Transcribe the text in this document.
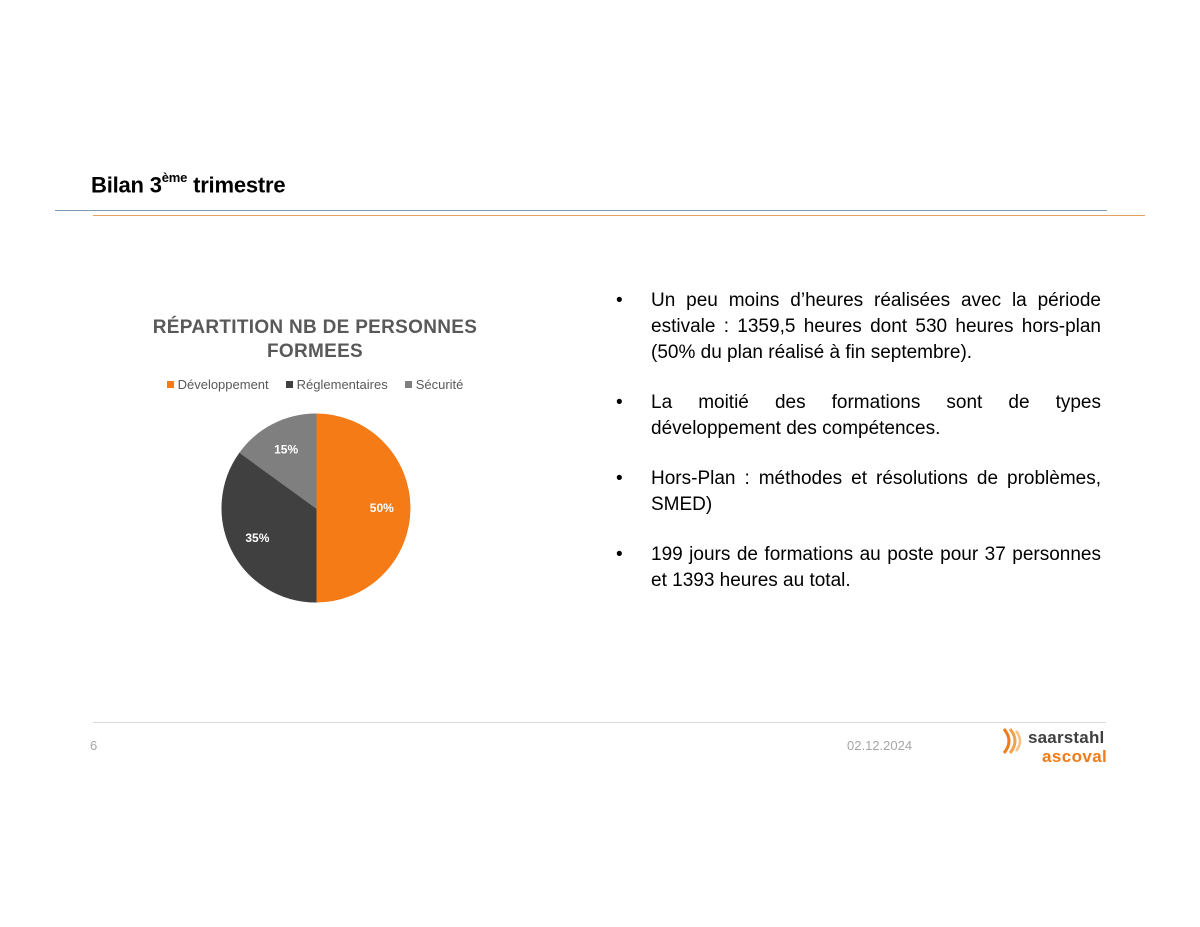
Bilan 3ème trimestre
50%
35%
15%
RÉPARTITION NB DE PERSONNES
FORMEES
Développement Réglementaires Sécurité
• Un peu moins d’heures réalisées avec la période estivale : 1359,5 heures dont 530 heures hors-plan (50% du plan réalisé à fin septembre).
• La moitié des formations sont de types développement des compétences.
• Hors-Plan : méthodes et résolutions de problèmes, SMED)
• 199 jours de formations au poste pour 37 personnes et 1393 heures au total.
6	02.12.2024	saarstahl
ascoval
